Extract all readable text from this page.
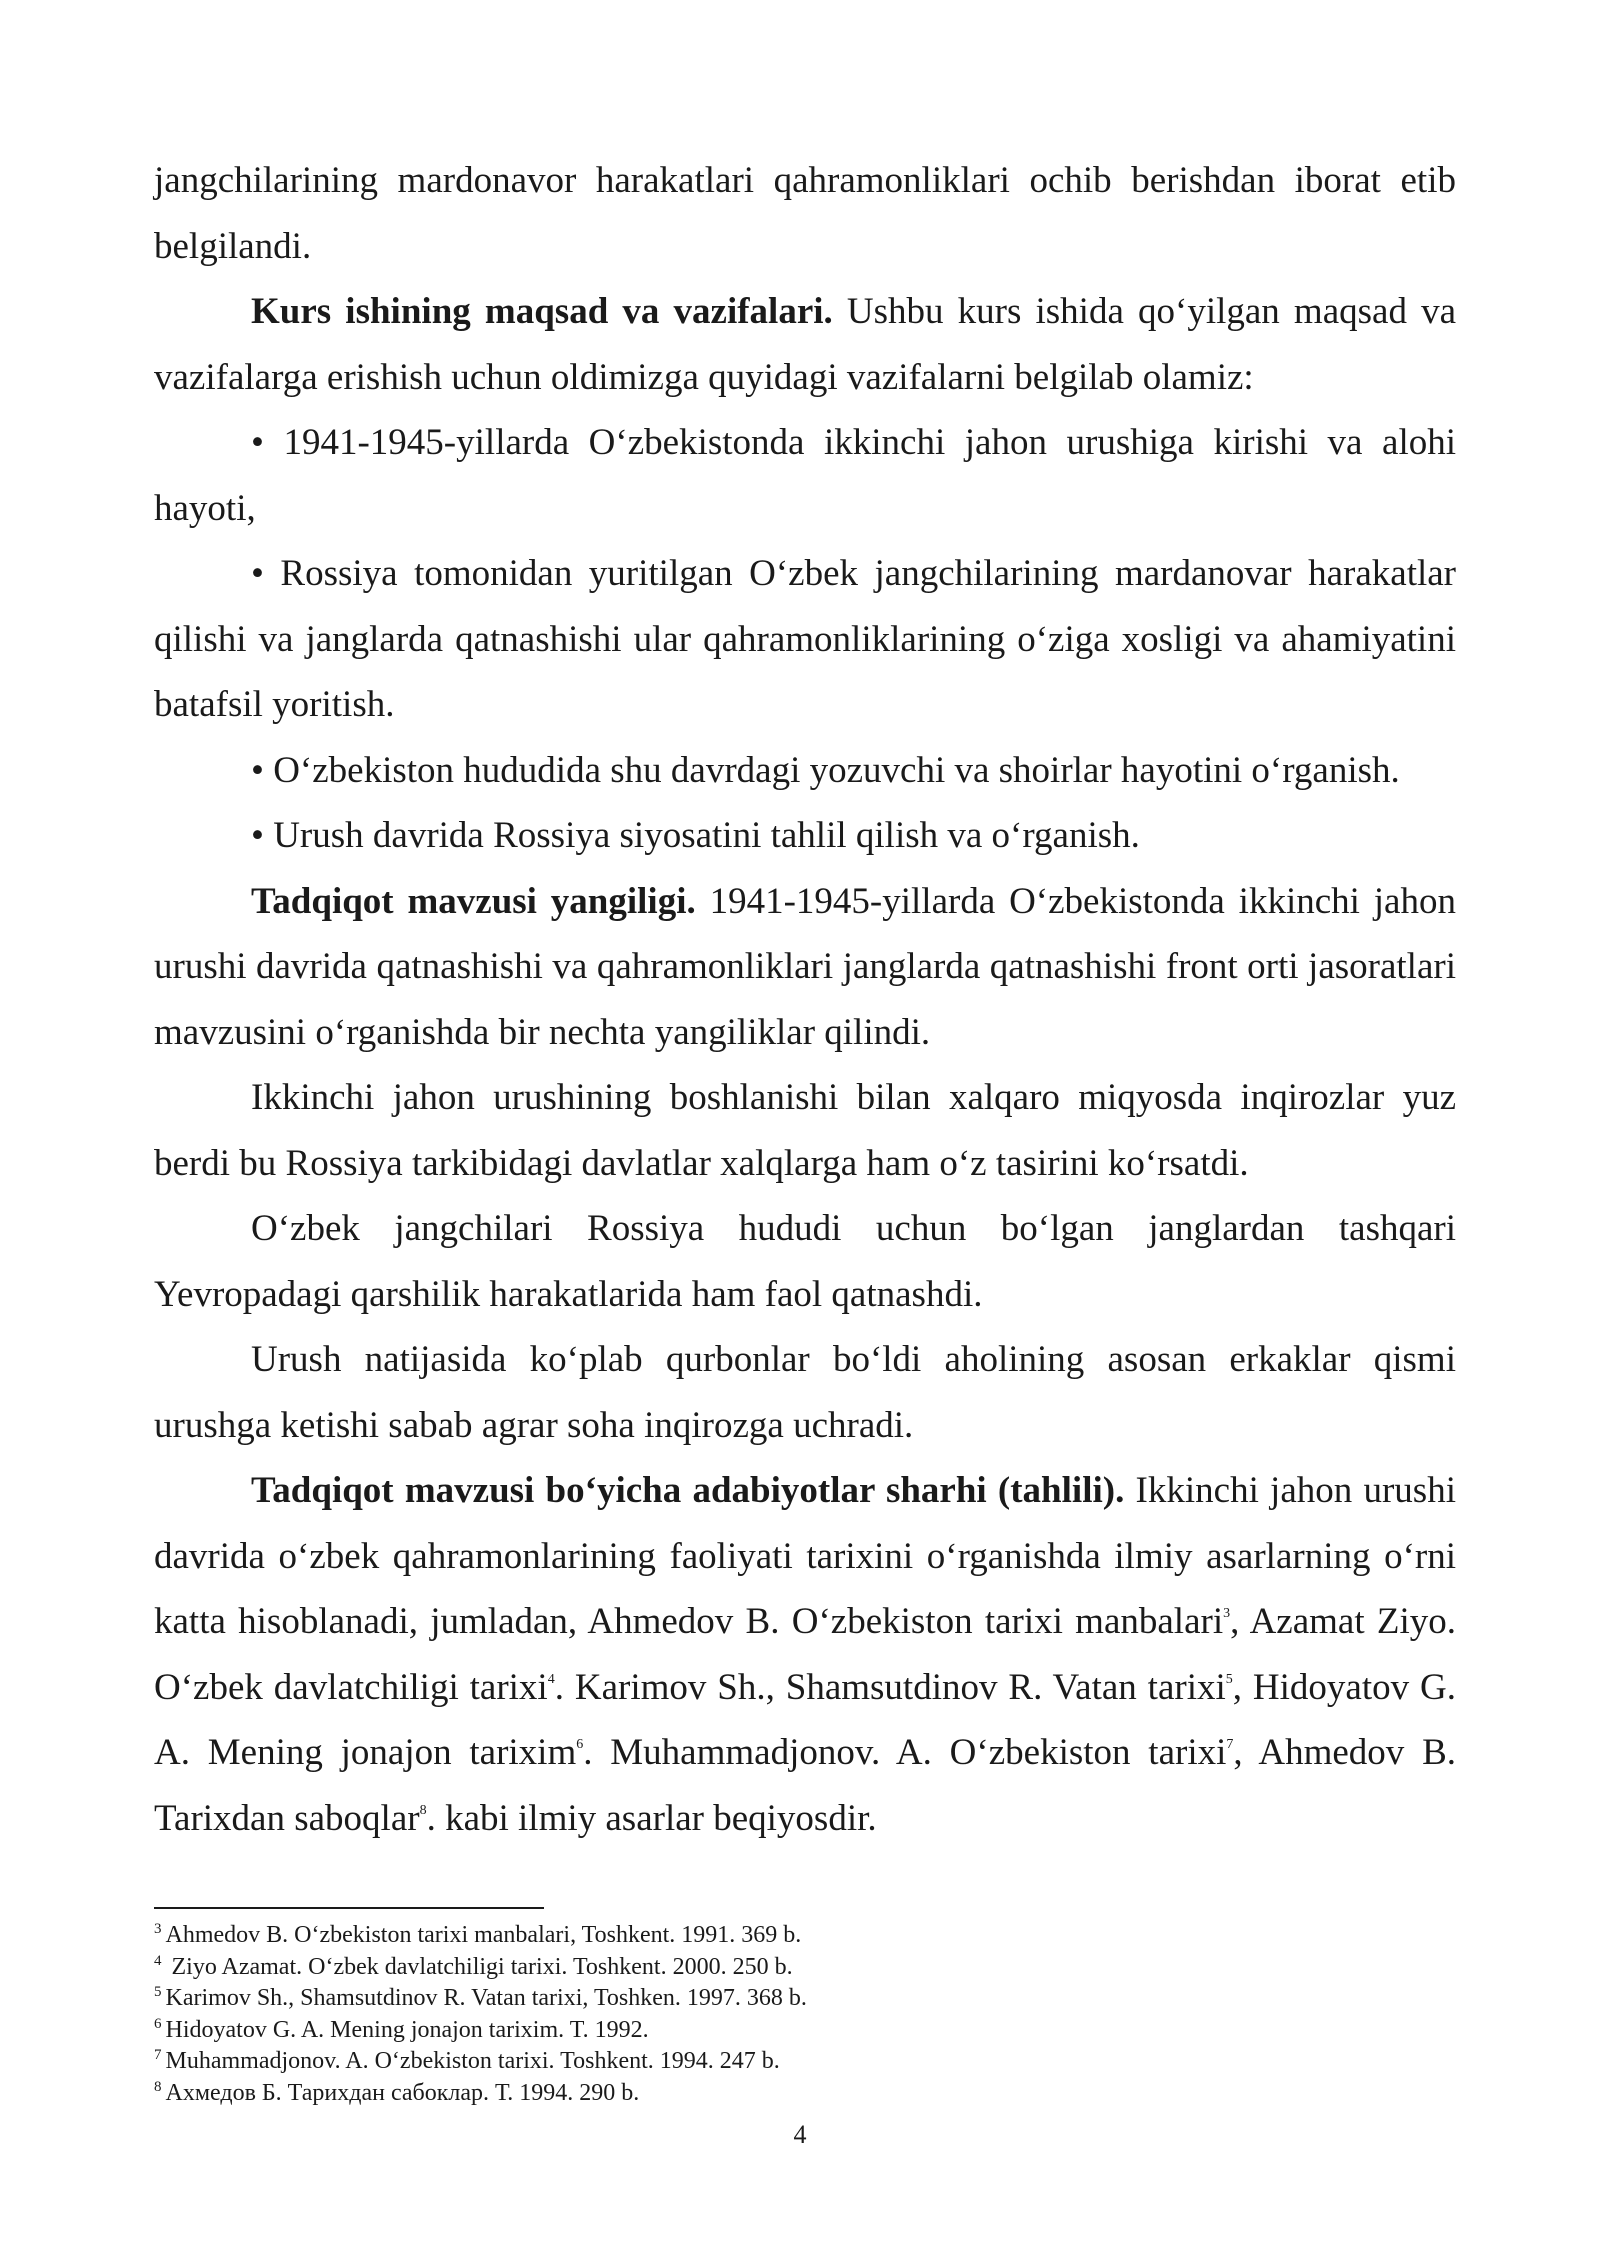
jangchilarining mardonavor harakatlari qahramonliklari ochib berishdan iborat etib belgilandi.

Kurs ishining maqsad va vazifalari. Ushbu kurs ishida qo‘yilgan maqsad va vazifalarga erishish uchun oldimizga quyidagi vazifalarni belgilab olamiz:

• 1941-1945-yillarda O‘zbekistonda ikkinchi jahon urushiga kirishi va alohi hayoti,

• Rossiya tomonidan yuritilgan O‘zbek jangchilarining mardanovar harakatlar qilishi va janglarda qatnashishi ular qahramonliklarining o‘ziga xosligi va ahamiyatini batafsil yoritish.

• O‘zbekiston hududida shu davrdagi yozuvchi va shoirlar hayotini o‘rganish.

• Urush davrida Rossiya siyosatini tahlil qilish va o‘rganish.

Tadqiqot mavzusi yangiligi. 1941-1945-yillarda O‘zbekistonda ikkinchi jahon urushi davrida qatnashishi va qahramonliklari janglarda qatnashishi front orti jasoratlari mavzusini o‘rganishda bir nechta yangiliklar qilindi.

Ikkinchi jahon urushining boshlanishi bilan xalqaro miqyosda inqirozlar yuz berdi bu Rossiya tarkibidagi davlatlar xalqlarga ham o‘z tasirini ko‘rsatdi.

O‘zbek jangchilari Rossiya hududi uchun bo‘lgan janglardan tashqari Yevropadagi qarshilik harakatlarida ham faol qatnashdi.

Urush natijasida ko‘plab qurbonlar bo‘ldi aholining asosan erkaklar qismi urushga ketishi sabab agrar soha inqirozga uchradi.

Tadqiqot mavzusi bo‘yicha adabiyotlar sharhi (tahlili). Ikkinchi jahon urushi davrida o‘zbek qahramonlarining faoliyati tarixini o‘rganishda ilmiy asarlarning o‘rni katta hisoblanadi, jumladan, Ahmedov B. O‘zbekiston tarixi manbalari$^3$, Azamat Ziyo. O‘zbek davlatchiligi tarixi$^4$. Karimov Sh., Shamsutdinov R. Vatan tarixi$^5$, Hidoyatov G. A. Mening jonajon tarixim$^6$. Muhammadjonov. A. O‘zbekiston tarixi$^7$, Ahmedov B. Tarixdan saboqlar$^8$. kabi ilmiy asarlar beqiyosdir.

$^3$ Ahmedov B. O‘zbekiston tarixi manbalari, Toshkent. 1991. 369 b.

$^4$ Ziyo Azamat. O‘zbek davlatchiligi tarixi. Toshkent. 2000. 250 b.

$^5$ Karimov Sh., Shamsutdinov R. Vatan tarixi, Toshken. 1997. 368 b.

$^6$ Hidoyatov G. A. Mening jonajon tarixim. T. 1992.

$^7$ Muhammadjonov. A. O‘zbekiston tarixi. Toshkent. 1994. 247 b.

$^8$ Ахмедов Б. Тарихдан сабоклар. Т. 1994. 290 b.

4
